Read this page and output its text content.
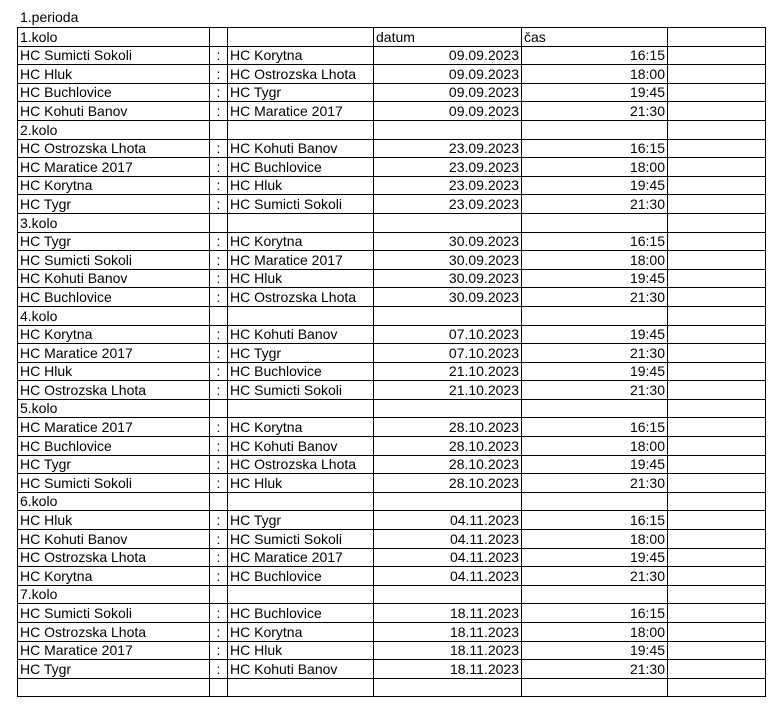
1.perioda
1.kolo			datum	čas	
HC Sumicti Sokoli	:	HC Korytna	09.09.2023	16:15	
HC Hluk	:	HC Ostrozska Lhota	09.09.2023	18:00	
HC Buchlovice	:	HC Tygr	09.09.2023	19:45	
HC Kohuti Banov	:	HC Maratice 2017	09.09.2023	21:30	
2.kolo					
HC Ostrozska Lhota	:	HC Kohuti Banov	23.09.2023	16:15	
HC Maratice 2017	:	HC Buchlovice	23.09.2023	18:00	
HC Korytna	:	HC Hluk	23.09.2023	19:45	
HC Tygr	:	HC Sumicti Sokoli	23.09.2023	21:30	
3.kolo					
HC Tygr	:	HC Korytna	30.09.2023	16:15	
HC Sumicti Sokoli	:	HC Maratice 2017	30.09.2023	18:00	
HC Kohuti Banov	:	HC Hluk	30.09.2023	19:45	
HC Buchlovice	:	HC Ostrozska Lhota	30.09.2023	21:30	
4.kolo					
HC Korytna	:	HC Kohuti Banov	07.10.2023	19:45	
HC Maratice 2017	:	HC Tygr	07.10.2023	21:30	
HC Hluk	:	HC Buchlovice	21.10.2023	19:45	
HC Ostrozska Lhota	:	HC Sumicti Sokoli	21.10.2023	21:30	
5.kolo					
HC Maratice 2017	:	HC Korytna	28.10.2023	16:15	
HC Buchlovice	:	HC Kohuti Banov	28.10.2023	18:00	
HC Tygr	:	HC Ostrozska Lhota	28.10.2023	19:45	
HC Sumicti Sokoli	:	HC Hluk	28.10.2023	21:30	
6.kolo					
HC Hluk	:	HC Tygr	04.11.2023	16:15	
HC Kohuti Banov	:	HC Sumicti Sokoli	04.11.2023	18:00	
HC Ostrozska Lhota	:	HC Maratice 2017	04.11.2023	19:45	
HC Korytna	:	HC Buchlovice	04.11.2023	21:30	
7.kolo					
HC Sumicti Sokoli	:	HC Buchlovice	18.11.2023	16:15	
HC Ostrozska Lhota	:	HC Korytna	18.11.2023	18:00	
HC Maratice 2017	:	HC Hluk	18.11.2023	19:45	
HC Tygr	:	HC Kohuti Banov	18.11.2023	21:30	
